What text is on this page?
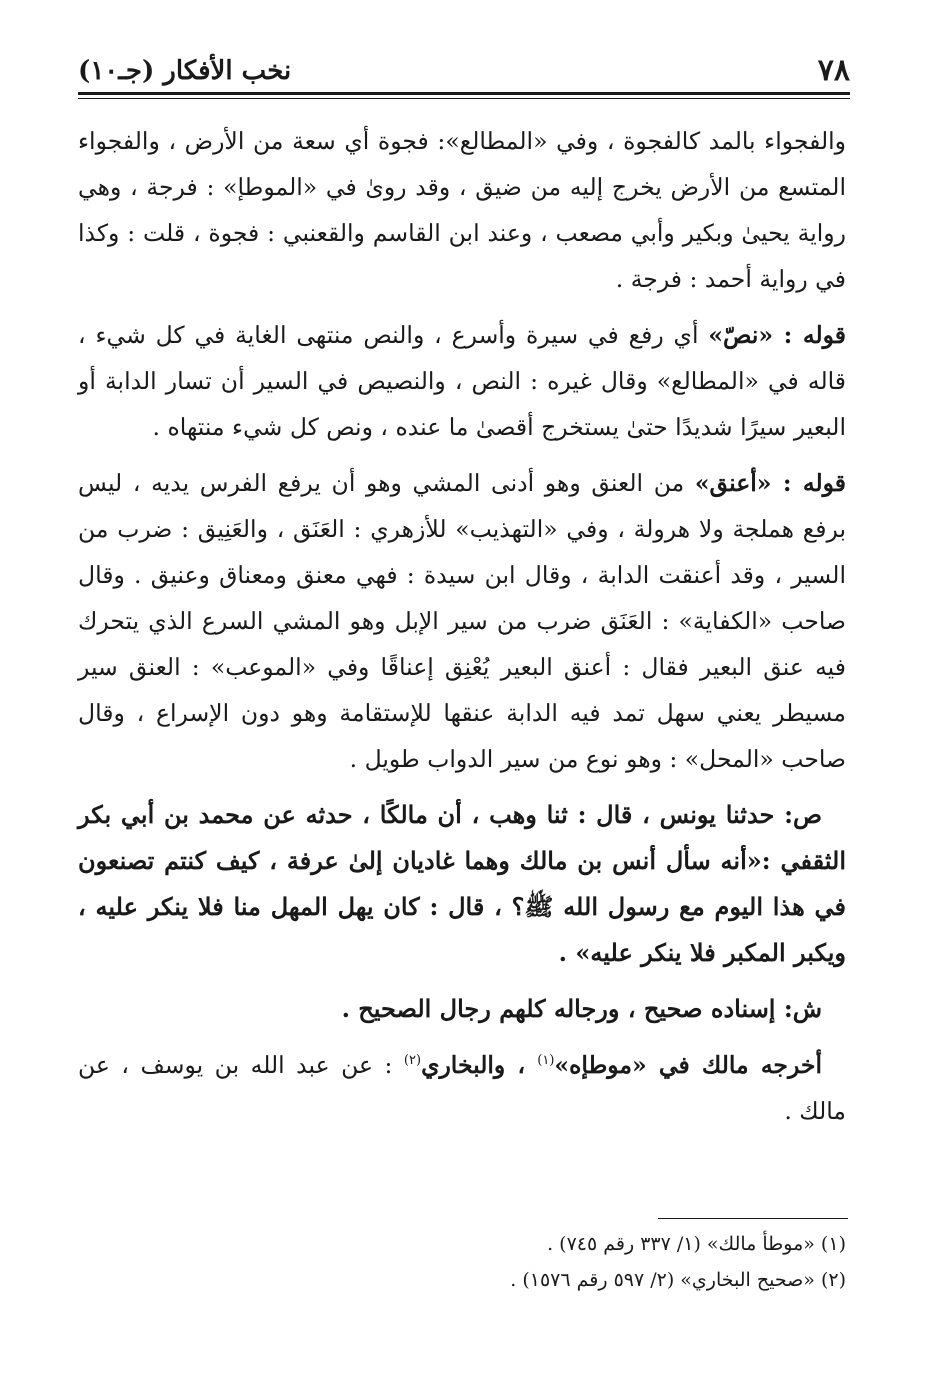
٧٨
نخب الأفكار (جـ١٠)

والفجواء بالمد كالفجوة ، وفي «المطالع»: فجوة أي سعة من الأرض ، والفجواء المتسع من الأرض يخرج إليه من ضيق ، وقد روىٰ في «الموطإ» : فرجة ، وهي رواية يحيىٰ وبكير وأبي مصعب ، وعند ابن القاسم والقعنبي : فجوة ، قلت : وكذا في رواية أحمد : فرجة .

قوله : «نصّ» أي رفع في سيرة وأسرع ، والنص منتهى الغاية في كل شيء ، قاله في «المطالع» وقال غيره : النص ، والنصيص في السير أن تسار الدابة أو البعير سيرًا شديدًا حتىٰ يستخرج أقصىٰ ما عنده ، ونص كل شيء منتهاه .

قوله : «أعنق» من العنق وهو أدنى المشي وهو أن يرفع الفرس يديه ، ليس برفع هملجة ولا هرولة ، وفي «التهذيب» للأزهري : العَنَق ، والعَنِيق : ضرب من السير ، وقد أعنقت الدابة ، وقال ابن سيدة : فهي معنق ومعناق وعنيق . وقال صاحب «الكفاية» : العَنَق ضرب من سير الإبل وهو المشي السرع الذي يتحرك فيه عنق البعير فقال : أعنق البعير يُعْنِق إعناقًا وفي «الموعب» : العنق سير مسيطر يعني سهل تمد فيه الدابة عنقها للإستقامة وهو دون الإسراع ، وقال صاحب «المحل» : وهو نوع من سير الدواب طويل .

ص: حدثنا يونس ، قال : ثنا وهب ، أن مالكًا ، حدثه عن محمد بن أبي بكر الثقفي :«أنه سأل أنس بن مالك وهما غاديان إلىٰ عرفة ، كيف كنتم تصنعون في هذا اليوم مع رسول الله ﷺ؟ ، قال : كان يهل المهل منا فلا ينكر عليه ، ويكبر المكبر فلا ينكر عليه» .

ش: إسناده صحيح ، ورجاله كلهم رجال الصحيح .

أخرجه مالك في «موطإه»$^{(١)}$ ، والبخاري$^{(٢)}$ : عن عبد الله بن يوسف ، عن مالك .

(١) «موطأ مالك» (١/ ٣٣٧ رقم ٧٤٥) .
(٢) «صحيح البخاري» (٢/ ٥٩٧ رقم ١٥٧٦) .
